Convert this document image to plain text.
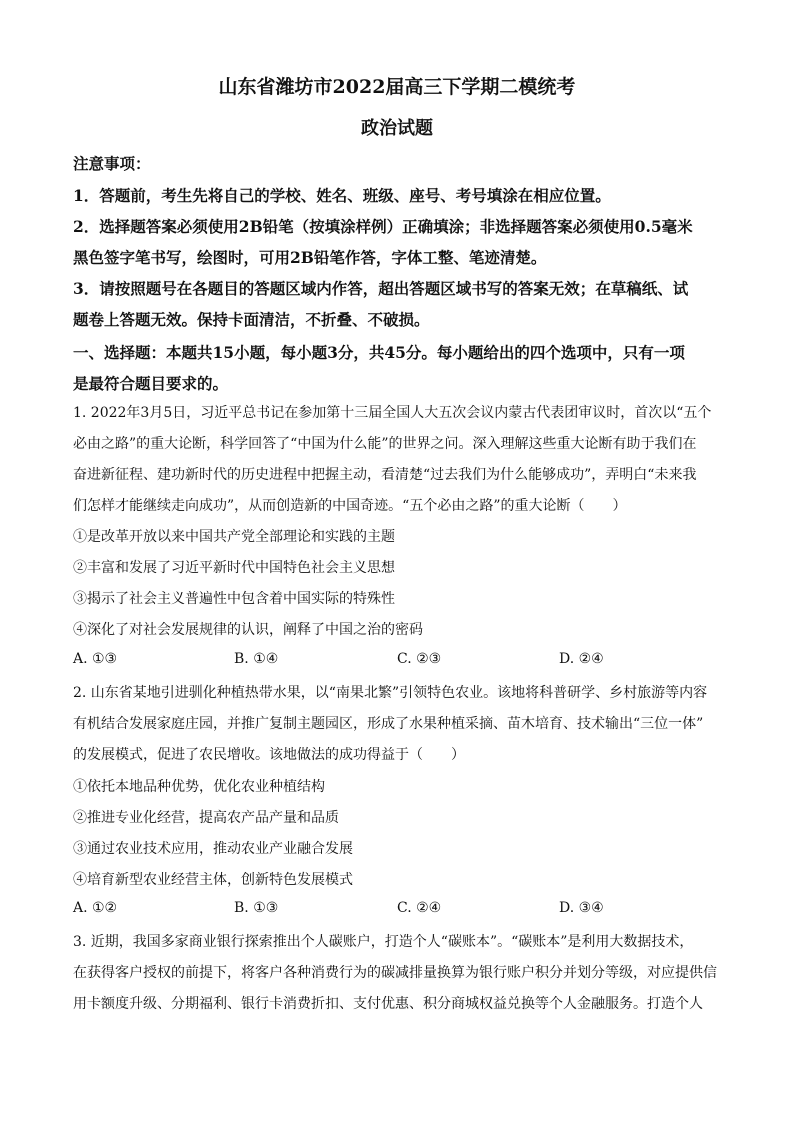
山东省潍坊市2022届高三下学期二模统考
政治试题
注意事项：
1．答题前，考生先将自己的学校、姓名、班级、座号、考号填涂在相应位置。
2．选择题答案必须使用2B铅笔（按填涂样例）正确填涂；非选择题答案必须使用0.5毫米
黑色签字笔书写，绘图时，可用2B铅笔作答，字体工整、笔迹清楚。
3．请按照题号在各题目的答题区域内作答，超出答题区域书写的答案无效；在草稿纸、试
题卷上答题无效。保持卡面清洁，不折叠、不破损。
一、选择题：本题共15小题，每小题3分，共45分。每小题给出的四个选项中，只有一项
是最符合题目要求的。
1. 2022年3月5日，习近平总书记在参加第十三届全国人大五次会议内蒙古代表团审议时，首次以“五个
必由之路”的重大论断，科学回答了“中国为什么能”的世界之问。深入理解这些重大论断有助于我们在
奋进新征程、建功新时代的历史进程中把握主动，看清楚“过去我们为什么能够成功”，弄明白“未来我
们怎样才能继续走向成功”，从而创造新的中国奇迹。“五个必由之路”的重大论断（　　）
①是改革开放以来中国共产党全部理论和实践的主题
②丰富和发展了习近平新时代中国特色社会主义思想
③揭示了社会主义普遍性中包含着中国实际的特殊性
④深化了对社会发展规律的认识，阐释了中国之治的密码
A. ①③	B. ①④	C. ②③	D. ②④
2. 山东省某地引进驯化种植热带水果，以“南果北繁”引领特色农业。该地将科普研学、乡村旅游等内容
有机结合发展家庭庄园，并推广复制主题园区，形成了水果种植采摘、苗木培育、技术输出“三位一体”
的发展模式，促进了农民增收。该地做法的成功得益于（　　）
①依托本地品种优势，优化农业种植结构
②推进专业化经营，提高农产品产量和品质
③通过农业技术应用，推动农业产业融合发展
④培育新型农业经营主体，创新特色发展模式
A. ①②	B. ①③	C. ②④	D. ③④
3. 近期，我国多家商业银行探索推出个人碳账户，打造个人“碳账本”。“碳账本”是利用大数据技术，
在获得客户授权的前提下，将客户各种消费行为的碳减排量换算为银行账户积分并划分等级，对应提供信
用卡额度升级、分期福利、银行卡消费折扣、支付优惠、积分商城权益兑换等个人金融服务。打造个人
